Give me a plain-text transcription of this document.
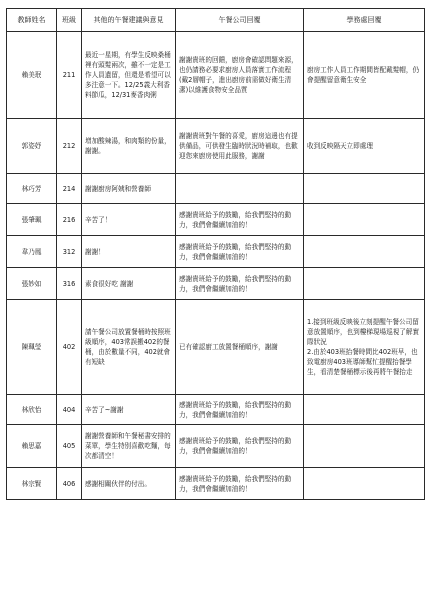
教師姓名	班級	其他的午餐建議與意見	午餐公司回覆	學務處回覆
賴美珉	211	最近一星期，有學生反映桑桶裡有頭髮兩次，雖不一定是工作人員遺留，但還是希望可以多注意一下。12/25義大利香料節瓜，12/31麥香肉粥	謝謝貴班的回饋，廚房會確認問題來源，也仍請務必要求廚房人員落實工作流程(戴2層帽子，進出廚房前需做好衛生清潔)以維護食物安全品質	廚房工作人員工作期間皆配戴髮帽，仍會提醒留意衛生安全
郭姿妤	212	增加酸辣湯，和肉類的份量，謝謝。	謝謝貴班對午餐的喜愛，廚房這邊也有提供備品，可供發生臨時狀況時補取，也歡迎您來廚房使用此服務，謝謝	收到反映隔天立即處理
林巧芳	214	謝謝廚房阿姨和營養師		
張肇珮	216	辛苦了！	感謝貴班給予的鼓勵，給我們堅持的動力，我們會繼續加油的！	
韋乃鳳	312	謝謝！	感謝貴班給予的鼓勵，給我們堅持的動力，我們會繼續加油的！	
張妙如	316	素食很好吃 謝謝	感謝貴班給予的鼓勵，給我們堅持的動力，我們會繼續加油的！	
陳珮瑩	402	請午餐公司放置餐桶時按照班級順序，403常誤搬402的餐桶，由於數量不同，402就會有短缺	已有確認廚工放置餐桶順序，謝謝	1.接到班級反映後立刻提醒午餐公司留意放置順序，也到樓梯現場巡視了解實際狀況
2.由於403班抬餐時間比402班早，也致電廚房403班導師幫忙提醒抬餐學生，看清楚餐桶標示後再將午餐抬走
林欣怡	404	辛苦了~謝謝	感謝貴班給予的鼓勵，給我們堅持的動力，我們會繼續加油的！	
賴思嘉	405	謝謝營養師和午餐秘書安排的菜單，學生特別喜歡吃麵，每次都清空！	感謝貴班給予的鼓勵，給我們堅持的動力，我們會繼續加油的！	
林宗賢	406	感謝相關伙伴的付出。	感謝貴班給予的鼓勵，給我們堅持的動力，我們會繼續加油的！	
